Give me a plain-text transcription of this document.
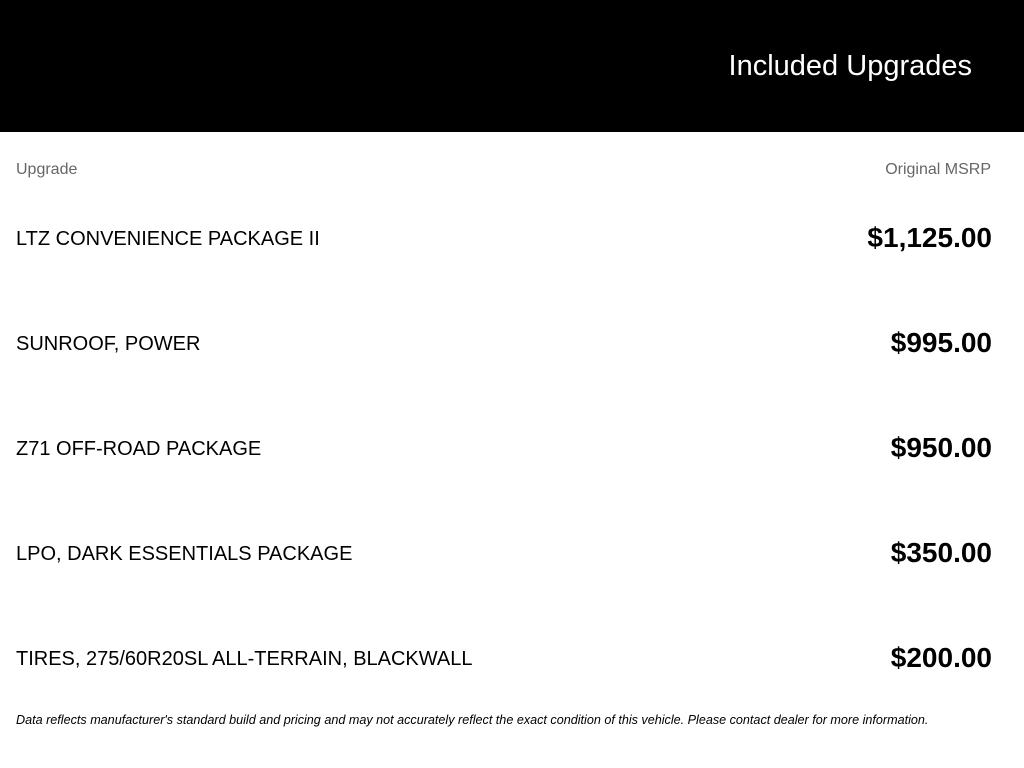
Included Upgrades
Upgrade	Original MSRP
LTZ CONVENIENCE PACKAGE II	$1,125.00
SUNROOF, POWER	$995.00
Z71 OFF-ROAD PACKAGE	$950.00
LPO, DARK ESSENTIALS PACKAGE	$350.00
TIRES, 275/60R20SL ALL-TERRAIN, BLACKWALL	$200.00
Data reflects manufacturer's standard build and pricing and may not accurately reflect the exact condition of this vehicle. Please contact dealer for more information.
